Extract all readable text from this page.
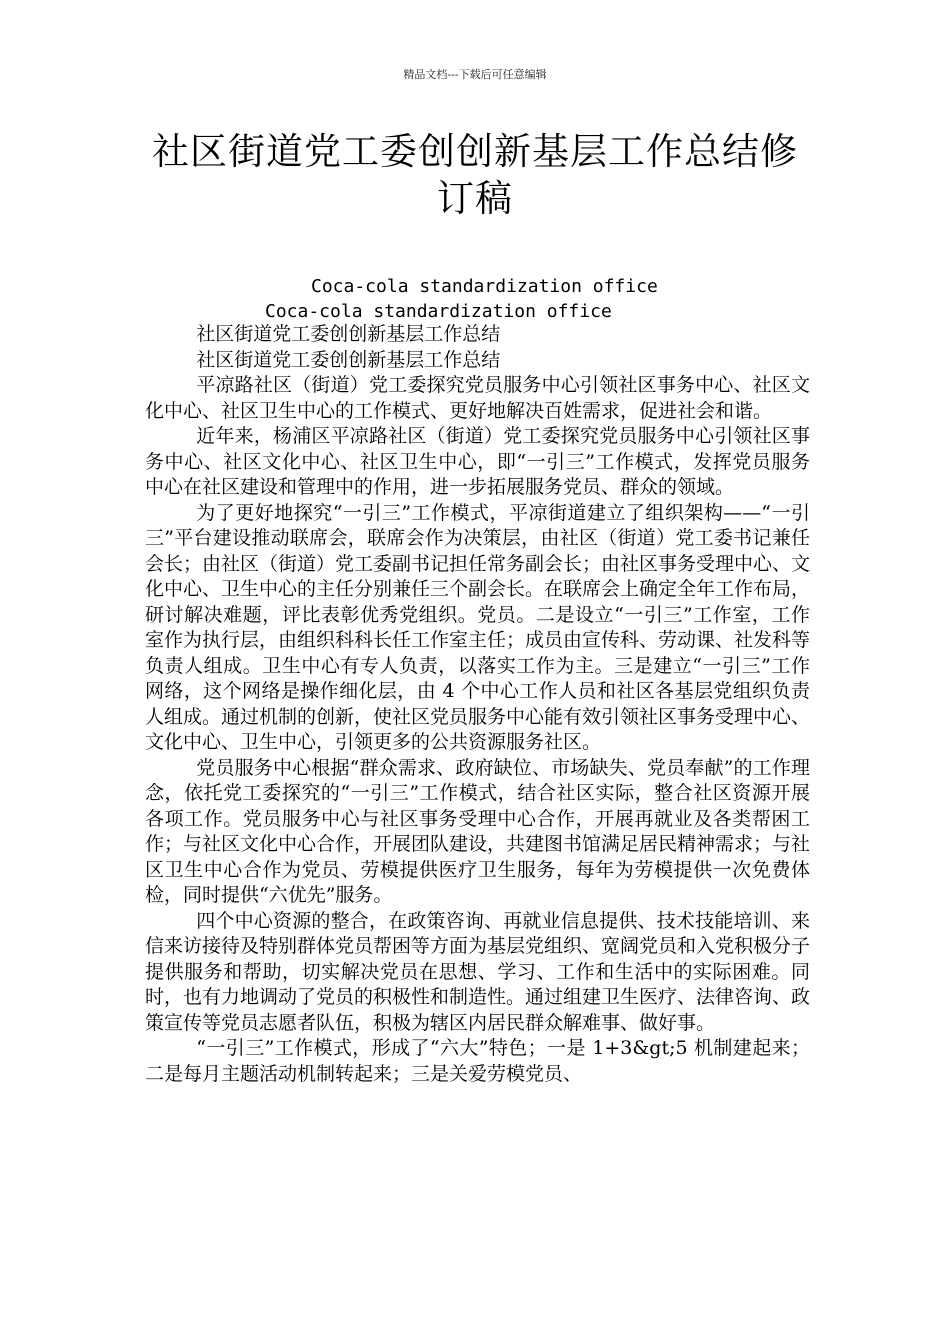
精品文档---下载后可任意编辑
社区街道党工委创创新基层工作总结修订稿
Coca-cola standardization office
Coca-cola standardization office

社区街道党工委创创新基层工作总结

社区街道党工委创创新基层工作总结

平凉路社区（街道）党工委探究党员服务中心引领社区事务中心、社区文化中心、社区卫生中心的工作模式、更好地解决百姓需求，促进社会和谐。

近年来，杨浦区平凉路社区（街道）党工委探究党员服务中心引领社区事务中心、社区文化中心、社区卫生中心，即“一引三”工作模式，发挥党员服务中心在社区建设和管理中的作用，进一步拓展服务党员、群众的领域。

为了更好地探究“一引三”工作模式，平凉街道建立了组织架构——“一引三”平台建设推动联席会，联席会作为决策层，由社区（街道）党工委书记兼任会长；由社区（街道）党工委副书记担任常务副会长；由社区事务受理中心、文化中心、卫生中心的主任分别兼任三个副会长。在联席会上确定全年工作布局，研讨解决难题，评比表彰优秀党组织。党员。二是设立“一引三”工作室，工作室作为执行层，由组织科科长任工作室主任；成员由宣传科、劳动课、社发科等负责人组成。卫生中心有专人负责，以落实工作为主。三是建立“一引三”工作网络，这个网络是操作细化层，由 4 个中心工作人员和社区各基层党组织负责人组成。通过机制的创新，使社区党员服务中心能有效引领社区事务受理中心、文化中心、卫生中心，引领更多的公共资源服务社区。

党员服务中心根据“群众需求、政府缺位、市场缺失、党员奉献”的工作理念，依托党工委探究的“一引三”工作模式，结合社区实际，整合社区资源开展各项工作。党员服务中心与社区事务受理中心合作，开展再就业及各类帮困工作；与社区文化中心合作，开展团队建设，共建图书馆满足居民精神需求；与社区卫生中心合作为党员、劳模提供医疗卫生服务，每年为劳模提供一次免费体检，同时提供“六优先”服务。

四个中心资源的整合，在政策咨询、再就业信息提供、技术技能培训、来信来访接待及特别群体党员帮困等方面为基层党组织、宽阔党员和入党积极分子提供服务和帮助，切实解决党员在思想、学习、工作和生活中的实际困难。同时，也有力地调动了党员的积极性和制造性。通过组建卫生医疗、法律咨询、政策宣传等党员志愿者队伍，积极为辖区内居民群众解难事、做好事。

“一引三”工作模式，形成了“六大”特色；一是 1+3&gt;5 机制建起来；二是每月主题活动机制转起来；三是关爱劳模党员、
